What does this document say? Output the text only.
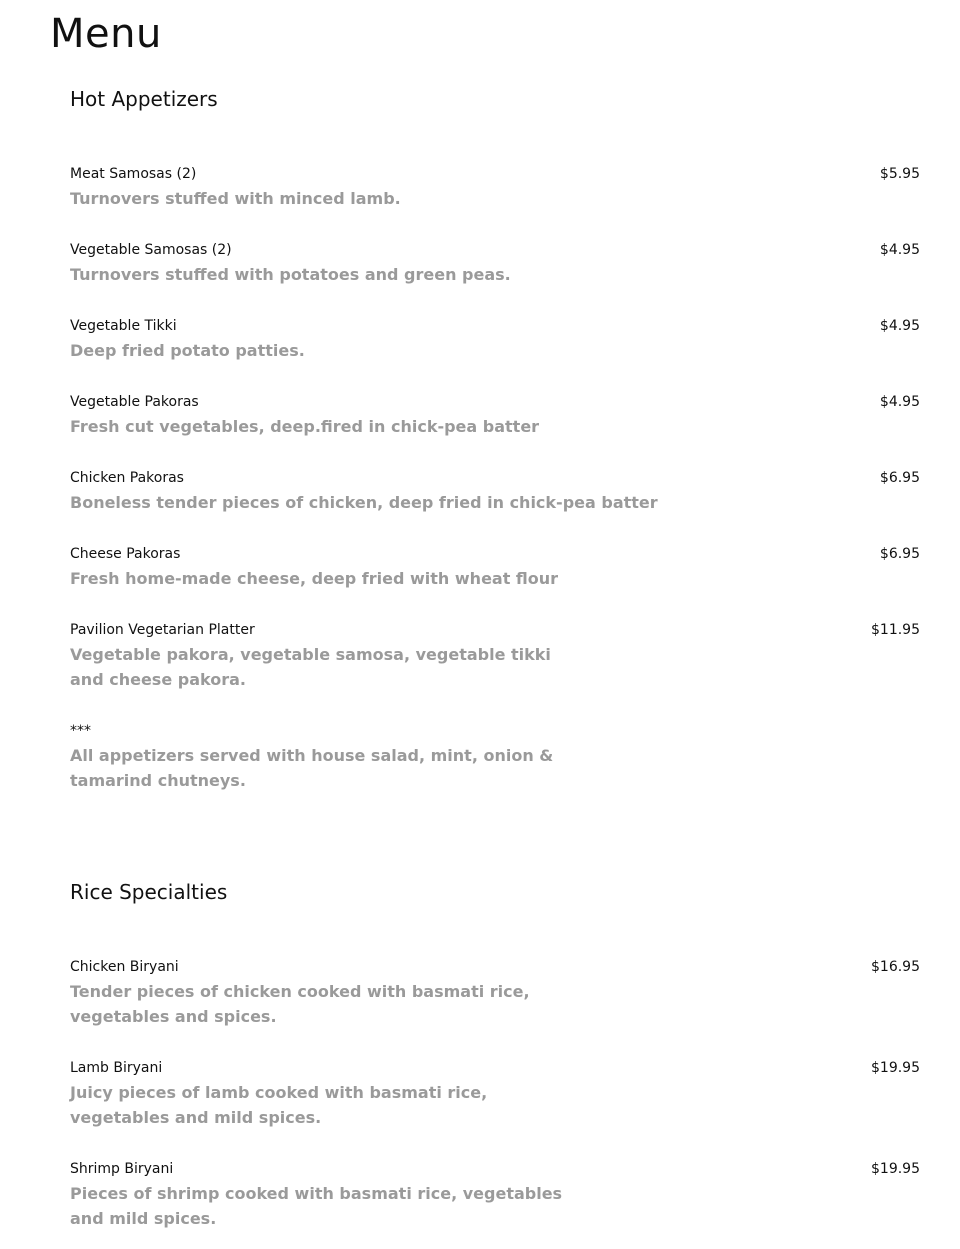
Menu
Hot Appetizers
Meat Samosas (2)	$5.95
Turnovers stuffed with minced lamb.
Vegetable Samosas (2)	$4.95
Turnovers stuffed with potatoes and green peas.
Vegetable Tikki	$4.95
Deep fried potato patties.
Vegetable Pakoras	$4.95
Fresh cut vegetables, deep.fired in chick-pea batter
Chicken Pakoras	$6.95
Boneless tender pieces of chicken, deep fried in chick-pea batter
Cheese Pakoras	$6.95
Fresh home-made cheese, deep fried with wheat flour
Pavilion Vegetarian Platter	$11.95
Vegetable pakora, vegetable samosa, vegetable tikki and cheese pakora.
***
All appetizers served with house salad, mint, onion & tamarind chutneys.
Rice Specialties
Chicken Biryani	$16.95
Tender pieces of chicken cooked with basmati rice, vegetables and spices.
Lamb Biryani	$19.95
Juicy pieces of lamb cooked with basmati rice, vegetables and mild spices.
Shrimp Biryani	$19.95
Pieces of shrimp cooked with basmati rice, vegetables and mild spices.
